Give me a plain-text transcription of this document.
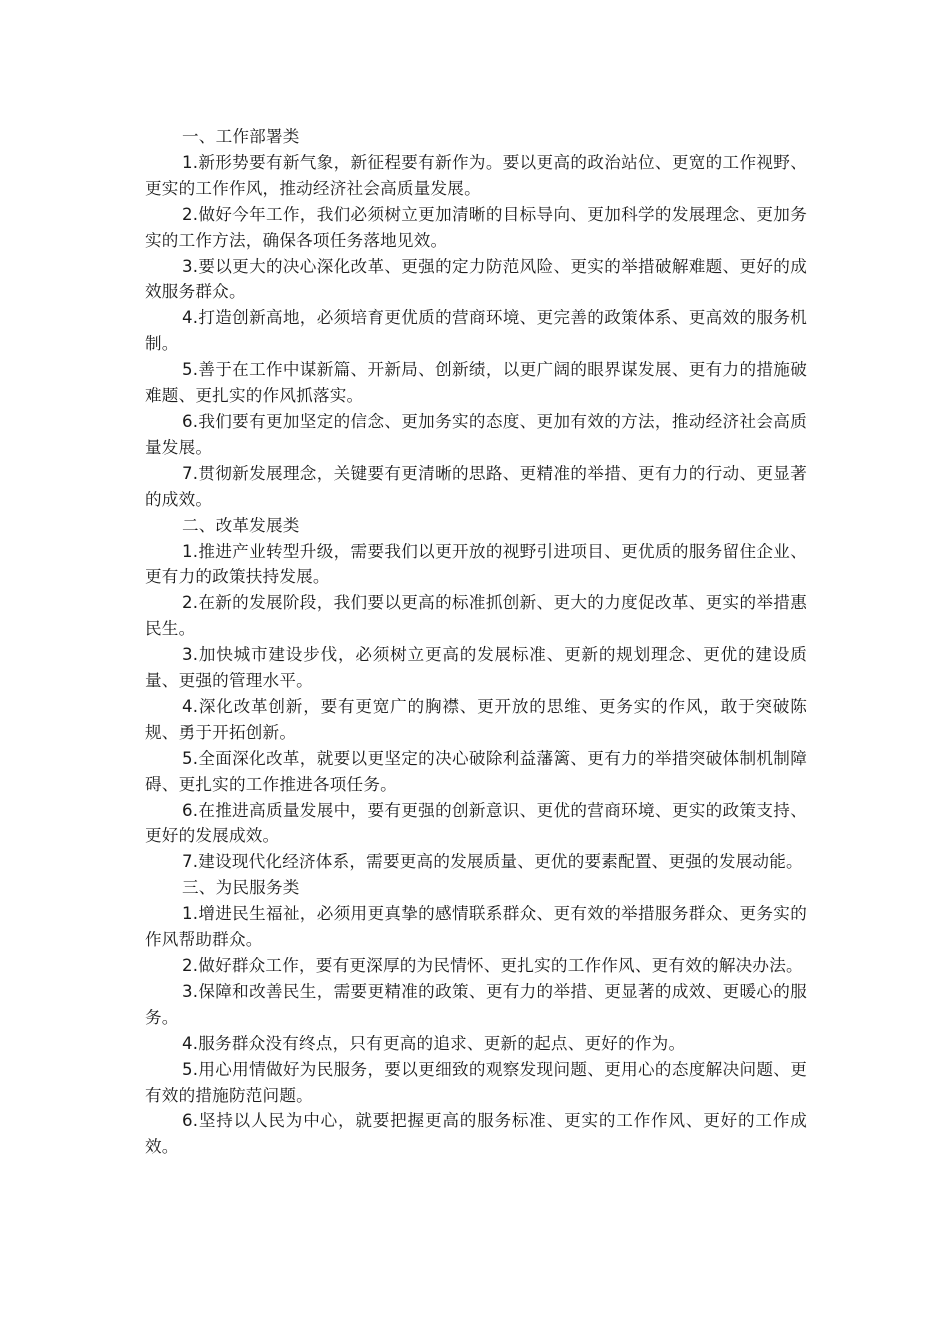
一、工作部署类

1.新形势要有新气象，新征程要有新作为。要以更高的政治站位、更宽的工作视野、更实的工作作风，推动经济社会高质量发展。

2.做好今年工作，我们必须树立更加清晰的目标导向、更加科学的发展理念、更加务实的工作方法，确保各项任务落地见效。

3.要以更大的决心深化改革、更强的定力防范风险、更实的举措破解难题、更好的成效服务群众。

4.打造创新高地，必须培育更优质的营商环境、更完善的政策体系、更高效的服务机制。

5.善于在工作中谋新篇、开新局、创新绩，以更广阔的眼界谋发展、更有力的措施破难题、更扎实的作风抓落实。

6.我们要有更加坚定的信念、更加务实的态度、更加有效的方法，推动经济社会高质量发展。

7.贯彻新发展理念，关键要有更清晰的思路、更精准的举措、更有力的行动、更显著的成效。

二、改革发展类

1.推进产业转型升级，需要我们以更开放的视野引进项目、更优质的服务留住企业、更有力的政策扶持发展。

2.在新的发展阶段，我们要以更高的标准抓创新、更大的力度促改革、更实的举措惠民生。

3.加快城市建设步伐，必须树立更高的发展标准、更新的规划理念、更优的建设质量、更强的管理水平。

4.深化改革创新，要有更宽广的胸襟、更开放的思维、更务实的作风，敢于突破陈规、勇于开拓创新。

5.全面深化改革，就要以更坚定的决心破除利益藩篱、更有力的举措突破体制机制障碍、更扎实的工作推进各项任务。

6.在推进高质量发展中，要有更强的创新意识、更优的营商环境、更实的政策支持、更好的发展成效。

7.建设现代化经济体系，需要更高的发展质量、更优的要素配置、更强的发展动能。

三、为民服务类

1.增进民生福祉，必须用更真挚的感情联系群众、更有效的举措服务群众、更务实的作风帮助群众。

2.做好群众工作，要有更深厚的为民情怀、更扎实的工作作风、更有效的解决办法。

3.保障和改善民生，需要更精准的政策、更有力的举措、更显著的成效、更暖心的服务。

4.服务群众没有终点，只有更高的追求、更新的起点、更好的作为。

5.用心用情做好为民服务，要以更细致的观察发现问题、更用心的态度解决问题、更有效的措施防范问题。

6.坚持以人民为中心，就要把握更高的服务标准、更实的工作作风、更好的工作成效。
